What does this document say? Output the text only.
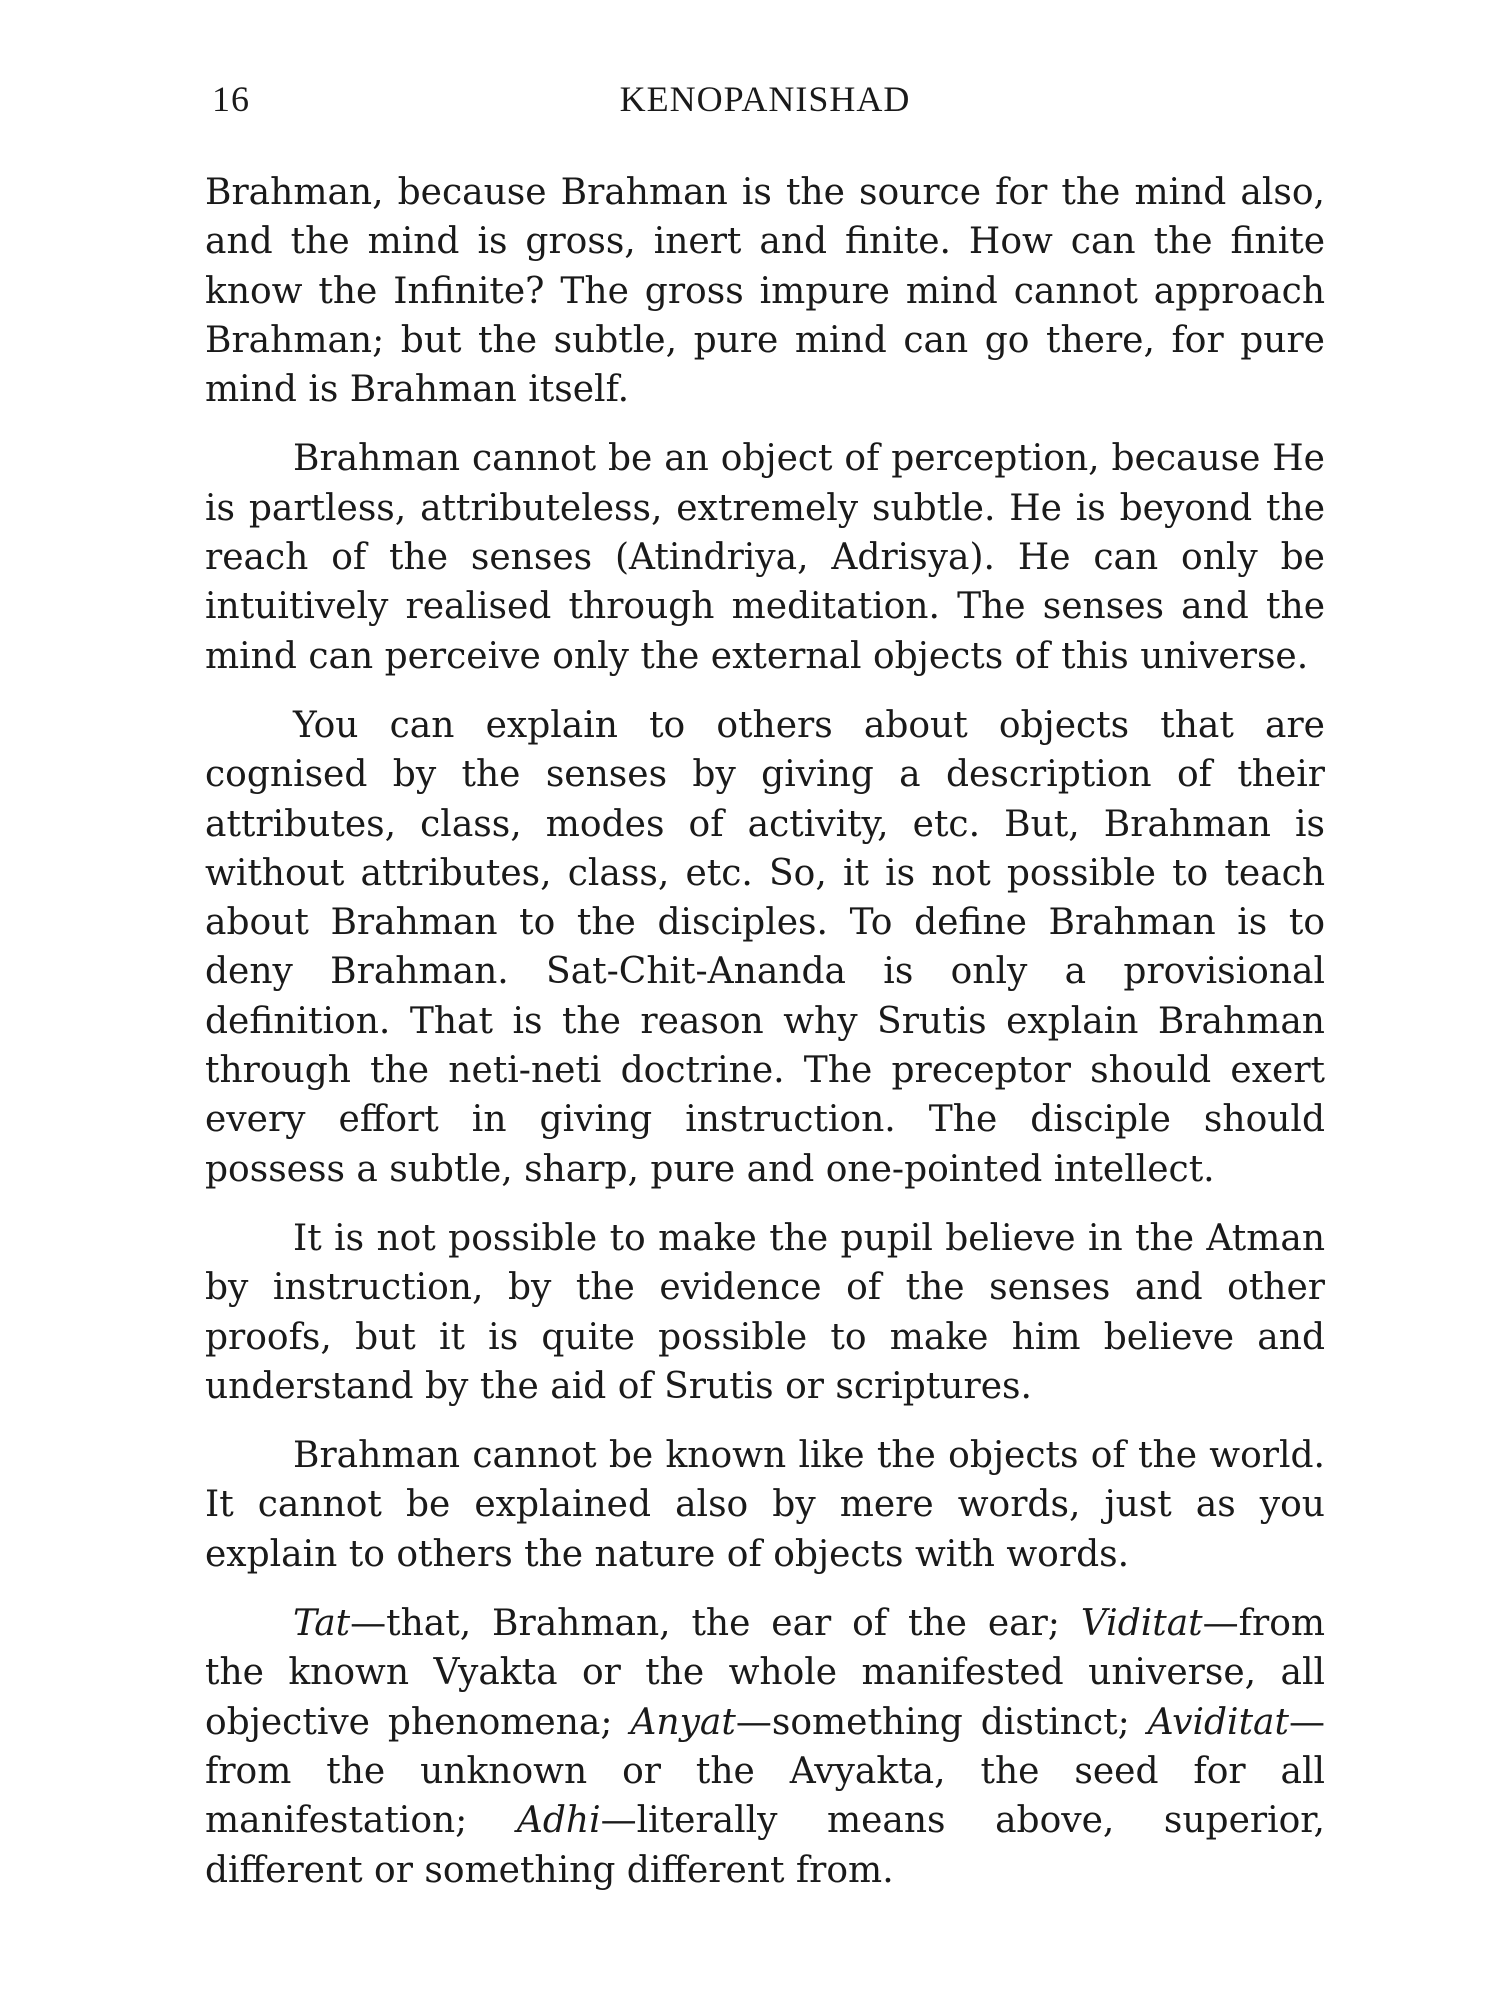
16	KENOPANISHAD

Brahman, because Brahman is the source for the mind also, and the mind is gross, inert and finite. How can the finite know the Infinite? The gross impure mind cannot approach Brahman; but the subtle, pure mind can go there, for pure mind is Brahman itself.

Brahman cannot be an object of perception, because He is partless, attributeless, extremely subtle. He is beyond the reach of the senses (Atindriya, Adrisya). He can only be intuitively realised through meditation. The senses and the mind can perceive only the external objects of this universe.

You can explain to others about objects that are cognised by the senses by giving a description of their attributes, class, modes of activity, etc. But, Brahman is without attributes, class, etc. So, it is not possible to teach about Brahman to the disciples. To define Brahman is to deny Brahman. Sat-Chit-Ananda is only a provisional definition. That is the reason why Srutis explain Brahman through the neti-neti doctrine. The preceptor should exert every effort in giving instruction. The disciple should possess a subtle, sharp, pure and one-pointed intellect.

It is not possible to make the pupil believe in the Atman by instruction, by the evidence of the senses and other proofs, but it is quite possible to make him believe and understand by the aid of Srutis or scriptures.

Brahman cannot be known like the objects of the world. It cannot be explained also by mere words, just as you explain to others the nature of objects with words.

Tat—that, Brahman, the ear of the ear; Viditat—from the known Vyakta or the whole manifested universe, all objective phenomena; Anyat—something distinct; Aviditat—from the unknown or the Avyakta, the seed for all manifestation; Adhi—literally means above, superior, different or something different from.
